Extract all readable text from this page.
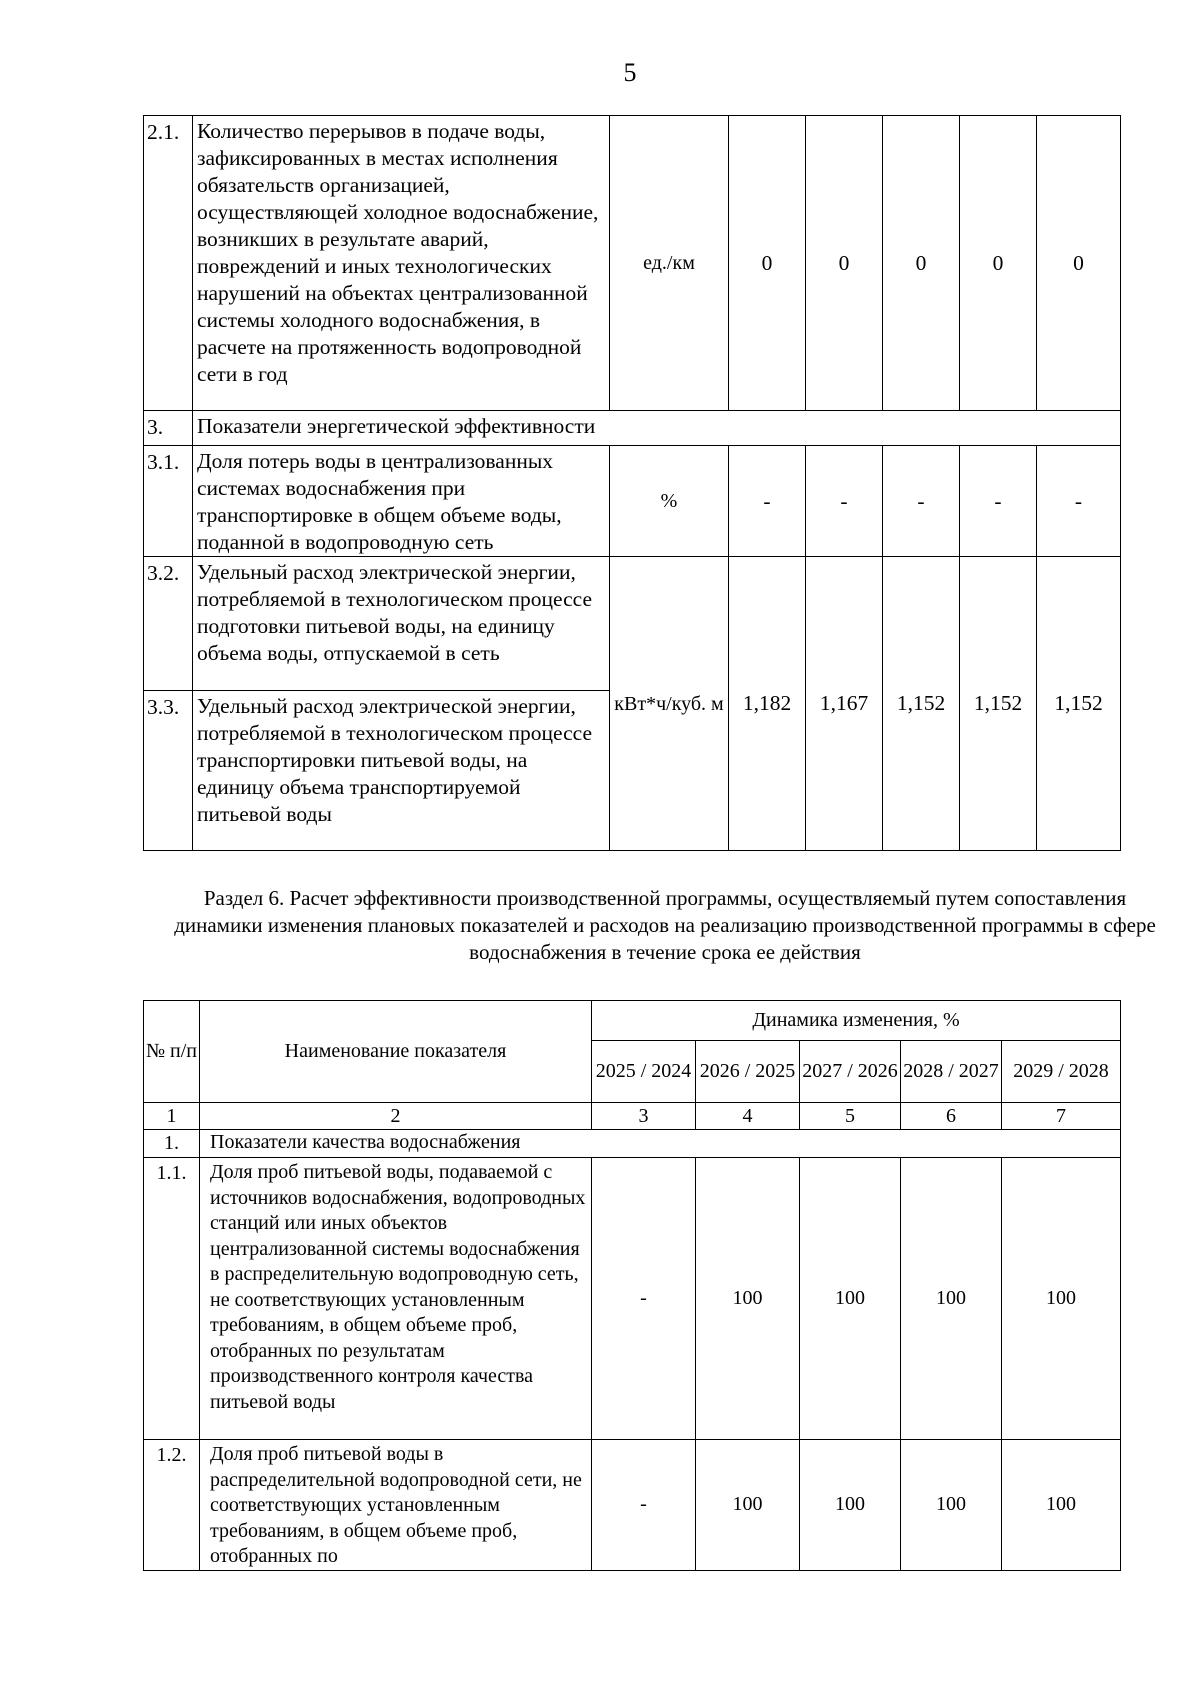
5
2.1.	Количество перерывов в подаче воды, зафиксированных в местах исполнения обязательств организацией, осуществляющей холодное водоснабжение, возникших в результате аварий, повреждений и иных технологических нарушений на объектах централизованной системы холодного водоснабжения, в расчете на протяженность водопроводной сети в год	ед./км	0	0	0	0	0
3.	Показатели энергетической эффективности						
3.1.	Доля потерь воды в централизованных системах водоснабжения при транспортировке в общем объеме воды, поданной в водопроводную сеть	%	-	-	-	-	-
3.2.	Удельный расход электрической энергии, потребляемой в технологическом процессе подготовки питьевой воды, на единицу объема воды, отпускаемой в сеть	кВт*ч/куб. м	1,182	1,167	1,152	1,152	1,152
3.3.	Удельный расход электрической энергии, потребляемой в технологическом процессе транспортировки питьевой воды, на единицу объема транспортируемой питьевой воды						
Раздел 6. Расчет эффективности производственной программы, осуществляемый путем сопоставления динамики изменения плановых показателей и расходов на реализацию производственной программы в сфере водоснабжения в течение срока ее действия
№ п/п	Наименование показателя	Динамика изменения, %				
		2025 / 2024	2026 / 2025	2027 / 2026	2028 / 2027	2029 / 2028
1	2	3	4	5	6	7
1.	Показатели качества водоснабжения					
1.1.	Доля проб питьевой воды, подаваемой с источников водоснабжения, водопроводных станций или иных объектов централизованной системы водоснабжения в распределительную водопроводную сеть, не соответствующих установленным требованиям, в общем объеме проб, отобранных по результатам производственного контроля качества питьевой воды	-	100	100	100	100
1.2.	Доля проб питьевой воды в распределительной водопроводной сети, не соответствующих установленным требованиям, в общем объеме проб, отобранных по	-	100	100	100	100
